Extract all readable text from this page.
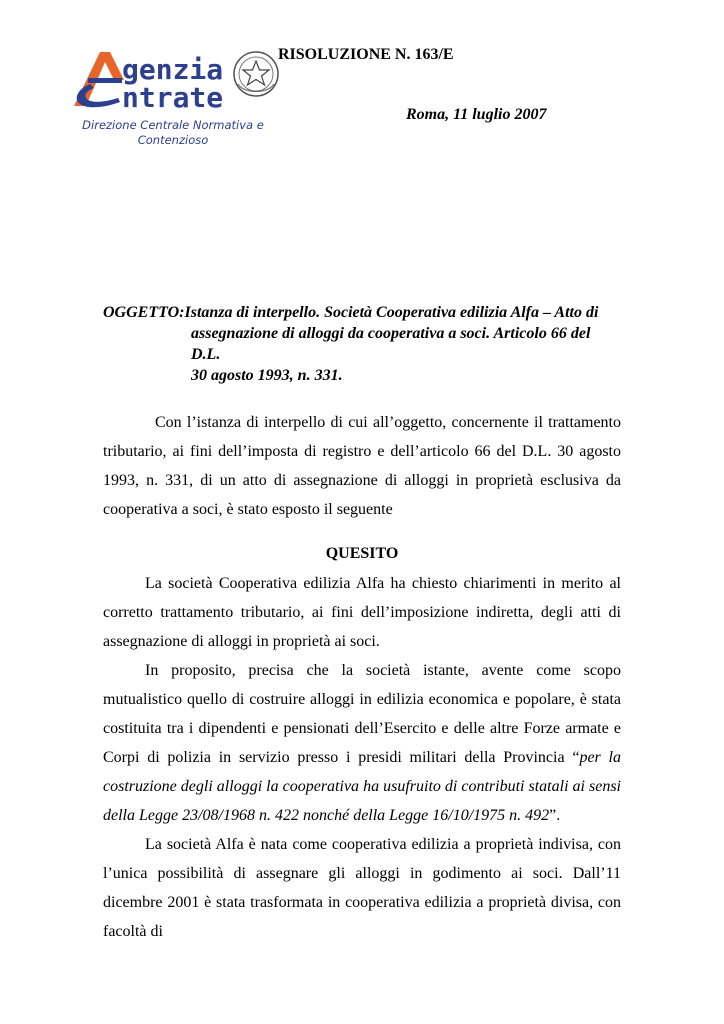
genzia
ntrate
Direzione Centrale Normativa e Contenzioso
RISOLUZIONE N. 163/E
Roma, 11 luglio 2007
OGGETTO:Istanza di interpello. Società Cooperativa edilizia Alfa – Atto di
assegnazione di alloggi da cooperativa a soci. Articolo 66 del D.L.
30 agosto 1993, n. 331.

Con l’istanza di interpello di cui all’oggetto, concernente il trattamento tributario, ai fini dell’imposta di registro e dell’articolo 66 del D.L. 30 agosto 1993, n. 331, di un atto di assegnazione di alloggi in proprietà esclusiva da cooperativa a soci, è stato esposto il seguente

QUESITO

La società Cooperativa edilizia Alfa ha chiesto chiarimenti in merito al corretto trattamento tributario, ai fini dell’imposizione indiretta, degli atti di assegnazione di alloggi in proprietà ai soci.

In proposito, precisa che la società istante, avente come scopo mutualistico quello di costruire alloggi in edilizia economica e popolare, è stata costituita tra i dipendenti e pensionati dell’Esercito e delle altre Forze armate e Corpi di polizia in servizio presso i presidi militari della Provincia “per la costruzione degli alloggi la cooperativa ha usufruito di contributi statali ai sensi della Legge 23/08/1968 n. 422 nonché della Legge 16/10/1975 n. 492”.

La società Alfa è nata come cooperativa edilizia a proprietà indivisa, con l’unica possibilità di assegnare gli alloggi in godimento ai soci. Dall’11 dicembre 2001 è stata trasformata in cooperativa edilizia a proprietà divisa, con facoltà di
